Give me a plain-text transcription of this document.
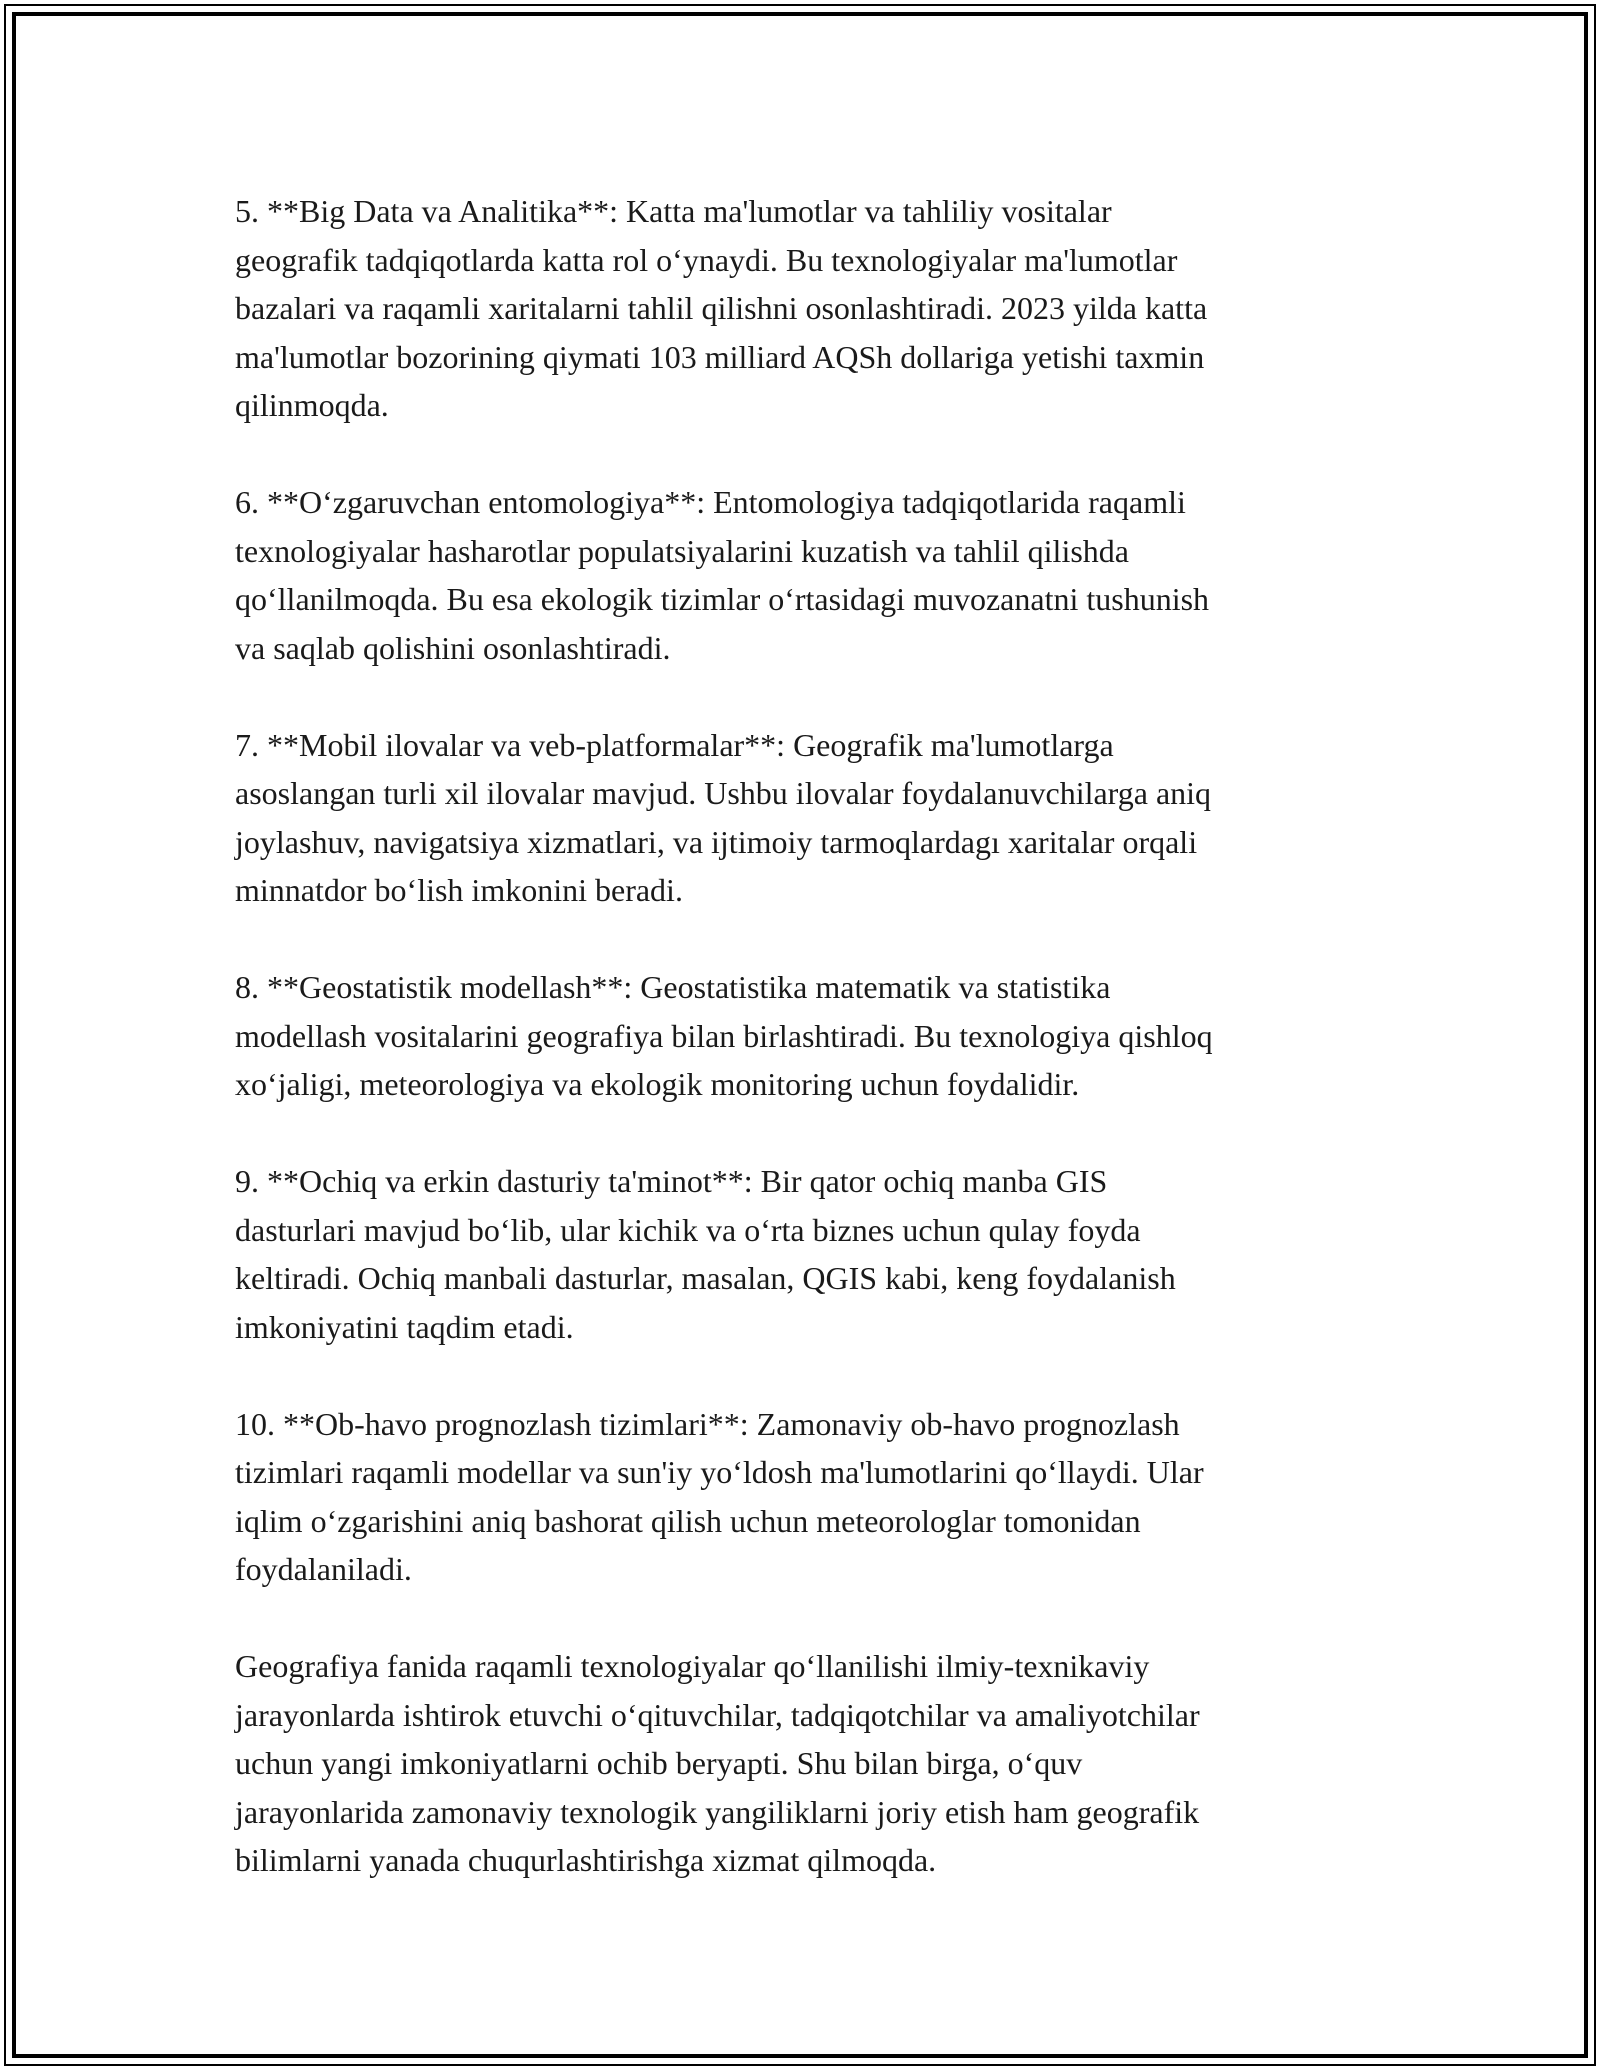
5. **Big Data va Analitika**: Katta ma'lumotlar va tahliliy vositalar
geografik tadqiqotlarda katta rol o‘ynaydi. Bu texnologiyalar ma'lumotlar
bazalari va raqamli xaritalarni tahlil qilishni osonlashtiradi. 2023 yilda katta
ma'lumotlar bozorining qiymati 103 milliard AQSh dollariga yetishi taxmin
qilinmoqda.

6. **O‘zgaruvchan entomologiya**: Entomologiya tadqiqotlarida raqamli
texnologiyalar hasharotlar populatsiyalarini kuzatish va tahlil qilishda
qo‘llanilmoqda. Bu esa ekologik tizimlar o‘rtasidagi muvozanatni tushunish
va saqlab qolishini osonlashtiradi.

7. **Mobil ilovalar va veb-platformalar**: Geografik ma'lumotlarga
asoslangan turli xil ilovalar mavjud. Ushbu ilovalar foydalanuvchilarga aniq
joylashuv, navigatsiya xizmatlari, va ijtimoiy tarmoqlardagı xaritalar orqali
minnatdor bo‘lish imkonini beradi.

8. **Geostatistik modellash**: Geostatistika matematik va statistika
modellash vositalarini geografiya bilan birlashtiradi. Bu texnologiya qishloq
xo‘jaligi, meteorologiya va ekologik monitoring uchun foydalidir.

9. **Ochiq va erkin dasturiy ta'minot**: Bir qator ochiq manba GIS
dasturlari mavjud bo‘lib, ular kichik va o‘rta biznes uchun qulay foyda
keltiradi. Ochiq manbali dasturlar, masalan, QGIS kabi, keng foydalanish
imkoniyatini taqdim etadi.

10. **Ob-havo prognozlash tizimlari**: Zamonaviy ob-havo prognozlash
tizimlari raqamli modellar va sun'iy yo‘ldosh ma'lumotlarini qo‘llaydi. Ular
iqlim o‘zgarishini aniq bashorat qilish uchun meteorologlar tomonidan
foydalaniladi.

Geografiya fanida raqamli texnologiyalar qo‘llanilishi ilmiy-texnikaviy
jarayonlarda ishtirok etuvchi o‘qituvchilar, tadqiqotchilar va amaliyotchilar
uchun yangi imkoniyatlarni ochib beryapti. Shu bilan birga, o‘quv
jarayonlarida zamonaviy texnologik yangiliklarni joriy etish ham geografik
bilimlarni yanada chuqurlashtirishga xizmat qilmoqda.
